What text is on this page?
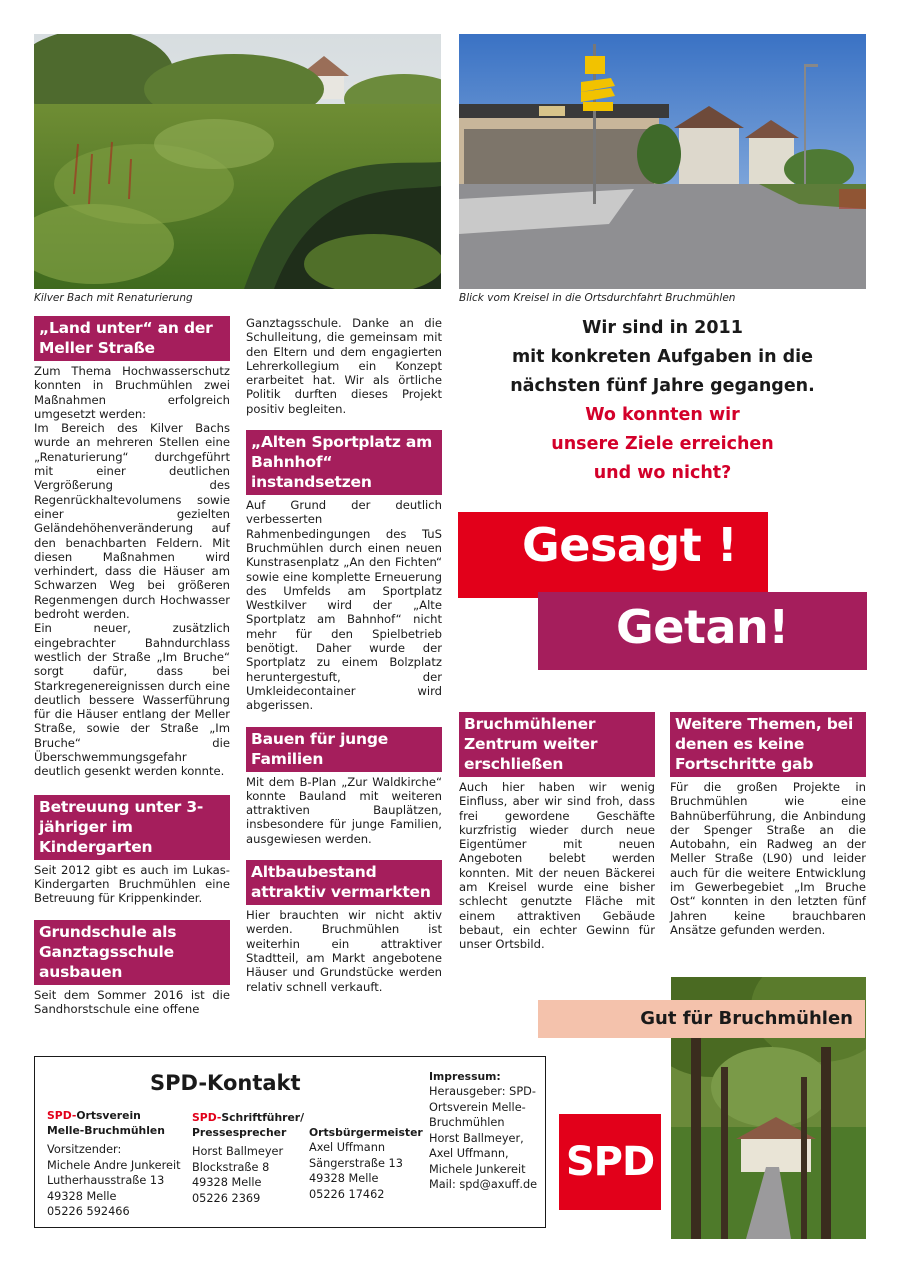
Kilver Bach mit Renaturierung	Blick vom Kreisel in die Ortsdurchfahrt Bruchmühlen
„Land unter“ an der Meller Straße

Zum Thema Hochwasserschutz konnten in Bruchmühlen zwei Maßnahmen erfolgreich umgesetzt werden:

Im Bereich des Kilver Bachs wurde an mehreren Stellen eine „Renaturierung“ durchgeführt mit einer deutlichen Vergrößerung des Regenrückhaltevolumens sowie einer gezielten Geländehöhenveränderung auf den benachbarten Feldern. Mit diesen Maßnahmen wird verhindert, dass die Häuser am Schwarzen Weg bei größeren Regenmengen durch Hochwasser bedroht werden.

Ein neuer, zusätzlich eingebrachter Bahndurchlass westlich der Straße „Im Bruche“ sorgt dafür, dass bei Starkregenereignissen durch eine deutlich bessere Wasserführung für die Häuser entlang der Meller Straße, sowie der Straße „Im Bruche“ die Überschwemmungsgefahr deutlich gesenkt werden konnte.

Betreuung unter 3-jähriger im Kindergarten
Seit 2012 gibt es auch im Lukas-Kindergarten Bruchmühlen eine Betreuung für Krippenkinder.
Grundschule als Ganztagsschule ausbauen
Seit dem Sommer 2016 ist die Sandhorstschule eine offene
Ganztagsschule. Danke an die Schulleitung, die gemeinsam mit den Eltern und dem engagierten Lehrerkollegium ein Konzept erarbeitet hat. Wir als örtliche Politik durften dieses Projekt positiv begleiten.
„Alten Sportplatz am Bahnhof“ instandsetzen
Auf Grund der deutlich verbesserten Rahmenbedingungen des TuS Bruchmühlen durch einen neuen Kunstrasenplatz „An den Fichten“ sowie eine komplette Erneuerung des Umfelds am Sportplatz Westkilver wird der „Alte Sportplatz am Bahnhof“ nicht mehr für den Spielbetrieb benötigt. Daher wurde der Sportplatz zu einem Bolzplatz heruntergestuft, der Umkleidecontainer wird abgerissen.
Bauen für junge Familien
Mit dem B-Plan „Zur Waldkirche“ konnte Bauland mit weiteren attraktiven Bauplätzen, insbesondere für junge Familien, ausgewiesen werden.
Altbaubestand attraktiv vermarkten
Hier brauchten wir nicht aktiv werden. Bruchmühlen ist weiterhin ein attraktiver Stadtteil, am Markt angebotene Häuser und Grundstücke werden relativ schnell verkauft.
Wir sind in 2011
mit konkreten Aufgaben in die
nächsten fünf Jahre gegangen.
Wo konnten wir
unsere Ziele erreichen
und wo nicht?
Gesagt !
Getan!
Bruchmühlener Zentrum weiter erschließen
Auch hier haben wir wenig Einfluss, aber wir sind froh, dass frei gewordene Geschäfte kurzfristig wieder durch neue Eigentümer mit neuen Angeboten belebt werden konnten. Mit der neuen Bäckerei am Kreisel wurde eine bisher schlecht genutzte Fläche mit einem attraktiven Gebäude bebaut, ein echter Gewinn für unser Ortsbild.
Weitere Themen, bei denen es keine Fortschritte gab
Für die großen Projekte in Bruchmühlen wie eine Bahnüberführung, die Anbindung der Spenger Straße an die Autobahn, ein Radweg an der Meller Straße (L90) und leider auch für die weitere Entwicklung im Gewerbegebiet „Im Bruche Ost“ konnten in den letzten fünf Jahren keine brauchbaren Ansätze gefunden werden.
Gut für Bruchmühlen
SPD
SPD-Kontakt
SPD-Ortsverein
Melle-Bruchmühlen
Vorsitzender:
Michele Andre Junkereit
Lutherhausstraße 13
49328 Melle
05226 592466
SPD-Schriftführer/
Pressesprecher
Horst Ballmeyer
Blockstraße 8
49328 Melle
05226 2369
Ortsbürgermeister
Axel Uffmann
Sängerstraße 13
49328 Melle
05226 17462
Impressum:
Herausgeber: SPD-
Ortsverein Melle-
Bruchmühlen
Horst Ballmeyer,
Axel Uffmann,
Michele Junkereit
Mail: spd@axuff.de
